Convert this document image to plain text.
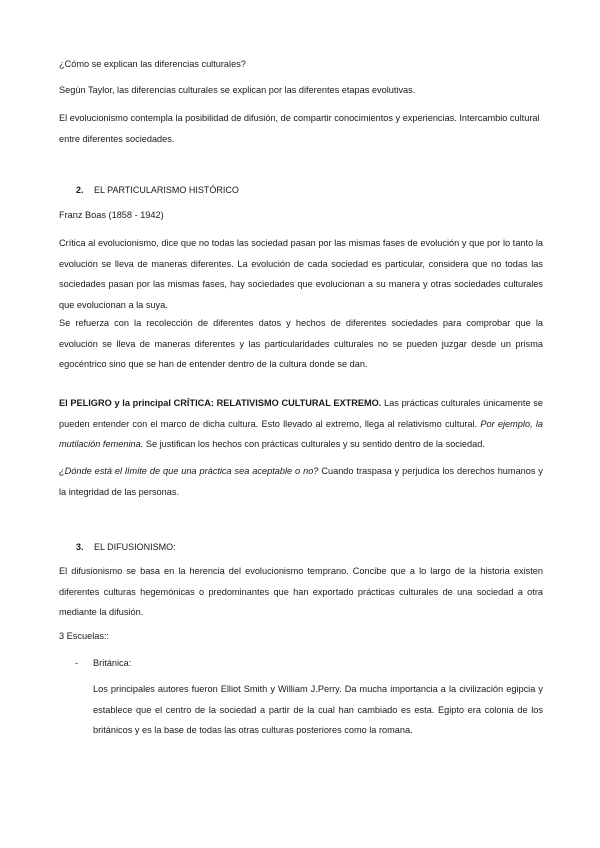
¿Cómo se explican las diferencias culturales?

Según Taylor, las diferencias culturales se explican por las diferentes etapas evolutivas.

El evolucionismo contempla la posibilidad de difusión, de compartir conocimientos y experiencias. Intercambio cultural entre diferentes sociedades.

2. EL PARTICULARISMO HISTÓRICO

Franz Boas (1858 - 1942)

Crítica al evolucionismo, dice que no todas las sociedad pasan por las mismas fases de evolución y que por lo tanto la evolución se lleva de maneras diferentes. La evolución de cada sociedad es particular, considera que no todas las sociedades pasan por las mismas fases, hay sociedades que evolucionan a su manera y otras sociedades culturales que evolucionan a la suya.

Se refuerza con la recolección de diferentes datos y hechos de diferentes sociedades para comprobar que la evolución se lleva de maneras diferentes y las particularidades culturales no se pueden juzgar desde un prisma egocéntrico sino que se han de entender dentro de la cultura donde se dan.

El PELIGRO y la principal CRÍTICA: RELATIVISMO CULTURAL EXTREMO. Las prácticas culturales únicamente se pueden entender con el marco de dicha cultura. Esto llevado al extremo, llega al relativismo cultural. Por ejemplo, la mutilación femenina. Se justifican los hechos con prácticas culturales y su sentido dentro de la sociedad.

¿Dónde está el límite de que una práctica sea aceptable o no? Cuando traspasa y perjudica los derechos humanos y la integridad de las personas.

3. EL DIFUSIONISMO:

El difusionismo se basa en la herencia del evolucionismo temprano. Concibe que a lo largo de la historia existen diferentes culturas hegemónicas o predominantes que han exportado prácticas culturales de una sociedad a otra mediante la difusión.

3 Escuelas::

- Británica:

Los principales autores fueron Elliot Smith y William J.Perry. Da mucha importancia a la civilización egipcia y establece que el centro de la sociedad a partir de la cual han cambiado es esta. Egipto era colonia de los británicos y es la base de todas las otras culturas posteriores como la romana.
